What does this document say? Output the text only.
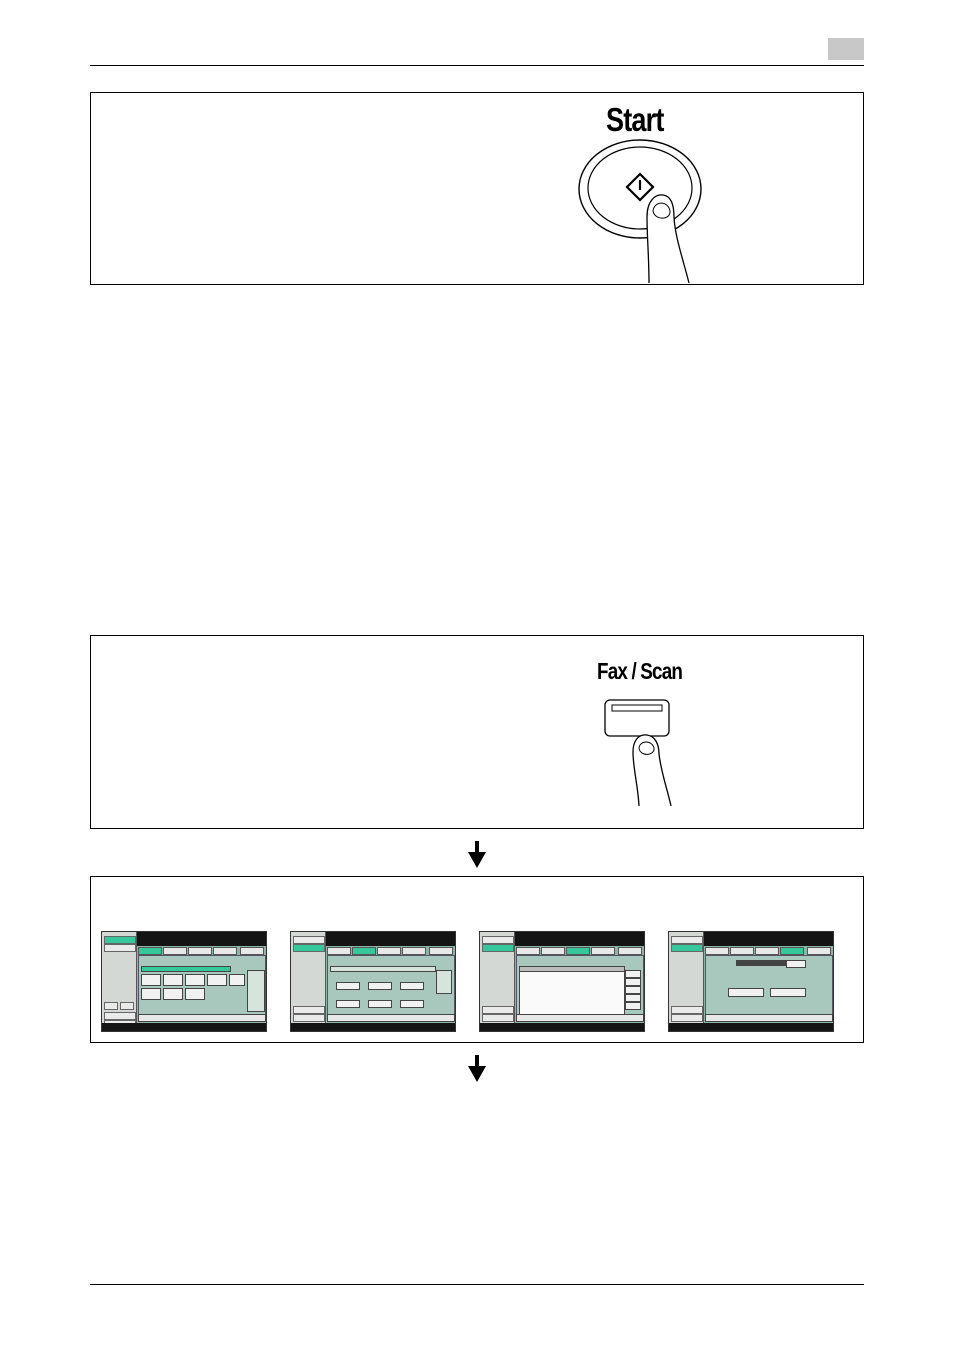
Start
Fax / Scan
